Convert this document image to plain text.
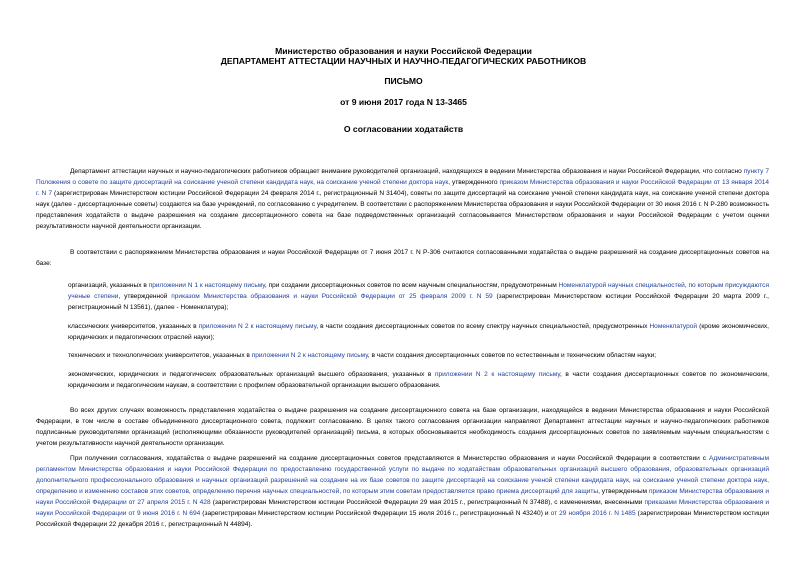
Министерство образования и науки Российской Федерации
ДЕПАРТАМЕНТ АТТЕСТАЦИИ НАУЧНЫХ И НАУЧНО-ПЕДАГОГИЧЕСКИХ РАБОТНИКОВ
ПИСЬМО
от 9 июня 2017 года N 13-3465
О согласовании ходатайств
Департамент аттестации научных и научно-педагогических работников обращает внимание руководителей организаций, находящихся в ведении Министерства образования и науки Российской Федерации, что согласно пункту 7 Положения о совете по защите диссертаций на соискание ученой степени кандидата наук, на соискание ученой степени доктора наук, утвержденного приказом Министерства образования и науки Российской Федерации от 13 января 2014 г. N 7 (зарегистрирован Министерством юстиции Российской Федерации 24 февраля 2014 г., регистрационный N 31404), советы по защите диссертаций на соискание ученой степени кандидата наук, на соискание ученой степени доктора наук (далее - диссертационные советы) создаются на базе учреждений, по согласованию с учредителем. В соответствии с распоряжением Министерства образования и науки Российской Федерации от 30 июня 2016 г. N Р-280 возможность представления ходатайств о выдаче разрешения на создание диссертационного совета на базе подведомственных организаций согласовывается Министерством образования и науки Российской Федерации с учетом оценки результативности научной деятельности организации.
В соответствии с распоряжением Министерства образования и науки Российской Федерации от 7 июня 2017 г. N Р-306 считаются согласованными ходатайства о выдаче разрешений на создание диссертационных советов на базе:
организаций, указанных в приложении N 1 к настоящему письму, при создании диссертационных советов по всем научным специальностям, предусмотренным Номенклатурой научных специальностей, по которым присуждаются ученые степени, утвержденной приказом Министерства образования и науки Российской Федерации от 25 февраля 2009 г. N 59 (зарегистрирован Министерством юстиции Российской Федерации 20 марта 2009 г., регистрационный N 13561), (далее - Номенклатура);
классических университетов, указанных в приложении N 2 к настоящему письму, в части создания диссертационных советов по всему спектру научных специальностей, предусмотренных Номенклатурой (кроме экономических, юридических и педагогических отраслей науки);
технических и технологических университетов, указанных в приложении N 2 к настоящему письму, в части создания диссертационных советов по естественным и техническим областям науки;
экономических, юридических и педагогических образовательных организаций высшего образования, указанных в приложении N 2 к настоящему письму, в части создания диссертационных советов по экономическим, юридическим и педагогическим наукам, в соответствии с профилем образовательной организации высшего образования.
Во всех других случаях возможность представления ходатайства о выдаче разрешения на создание диссертационного совета на базе организации, находящейся в ведении Министерства образования и науки Российской Федерации, в том числе в составе объединенного диссертационного совета, подлежит согласованию. В целях такого согласования организации направляют Департамент аттестации научных и научно-педагогических работников подписанные руководителями организаций (исполняющими обязанности руководителей организаций) письма, в которых обосновывается необходимость создания диссертационных советов по заявляемым научным специальностям с учетом результативности научной деятельности организации.
При получении согласования, ходатайства о выдаче разрешений на создание диссертационных советов представляются в Министерство образования и науки Российской Федерации в соответствии с Административным регламентом Министерства образования и науки Российской Федерации по предоставлению государственной услуги по выдаче по ходатайствам образовательных организаций высшего образования, образовательных организаций дополнительного профессионального образования и научных организаций разрешений на создание на их базе советов по защите диссертаций на соискание ученой степени кандидата наук, на соискание ученой степени доктора наук, определению и изменению составов этих советов, определению перечня научных специальностей, по которым этим советам предоставляется право приема диссертаций для защиты, утвержденным приказом Министерства образования и науки Российской Федерации от 27 апреля 2015 г. N 428 (зарегистрирован Министерством юстиции Российской Федерации 29 мая 2015 г., регистрационный N 37488), с изменениями, внесенными приказами Министерства образования и науки Российской Федерации от 9 июня 2016 г. N 694 (зарегистрирован Министерством юстиции Российской Федерации 15 июля 2016 г., регистрационный N 43240) и от 29 ноября 2016 г. N 1485 (зарегистрирован Министерством юстиции Российской Федерации 22 декабря 2016 г., регистрационный N 44894).
